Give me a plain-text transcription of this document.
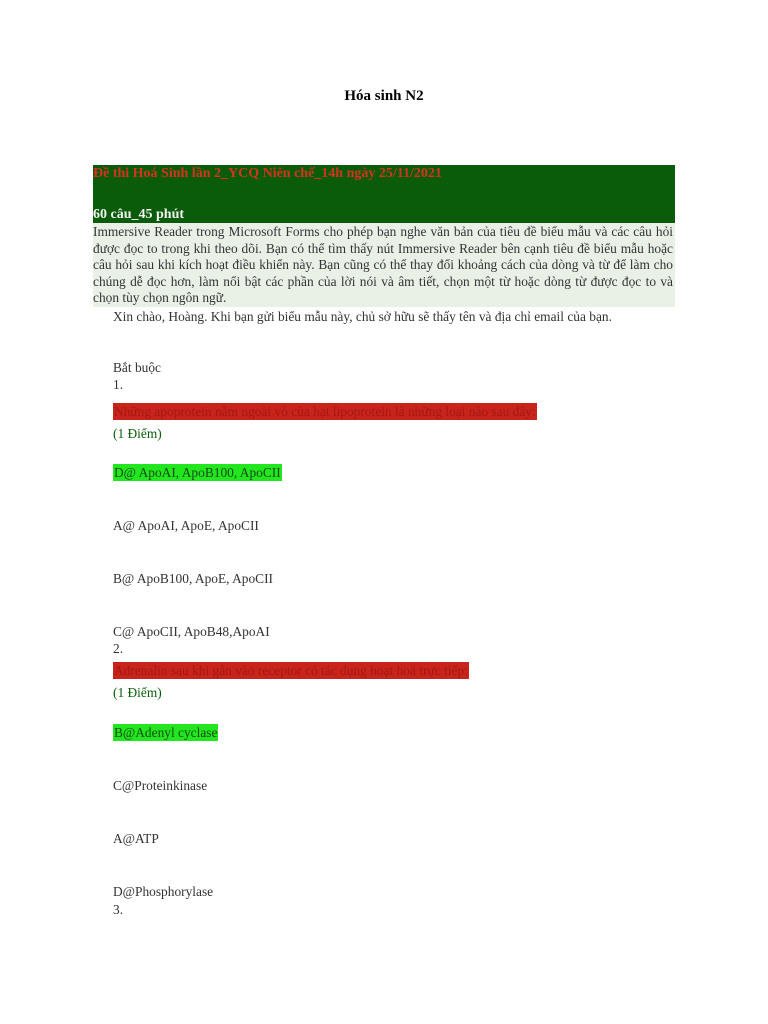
Hóa sinh N2
Đề thi Hoá Sinh lần 2_YCQ Niên chế_14h ngày 25/11/2021
60 câu_45 phút
Immersive Reader trong Microsoft Forms cho phép bạn nghe văn bản của tiêu đề biểu mẫu và các câu hỏi được đọc to trong khi theo dõi. Bạn có thể tìm thấy nút Immersive Reader bên cạnh tiêu đề biểu mẫu hoặc câu hỏi sau khi kích hoạt điều khiển này. Bạn cũng có thể thay đổi khoảng cách của dòng và từ để làm cho chúng dễ đọc hơn, làm nổi bật các phần của lời nói và âm tiết, chọn một từ hoặc dòng từ được đọc to và chọn tùy chọn ngôn ngữ.
Xin chào, Hoàng. Khi bạn gửi biểu mẫu này, chủ sở hữu sẽ thấy tên và địa chỉ email của bạn.
Bắt buộc
1.
Những apoprotein nằm ngoài vỏ của hạt lipoprotein là những loại nào sau đây:
(1 Điểm)
D@ ApoAI, ApoB100, ApoCII
A@ ApoAI, ApoE, ApoCII
B@ ApoB100, ApoE, ApoCII
C@ ApoCII, ApoB48,ApoAI
2.
Adrenalin sau khi gắn vào receptor có tác dụng hoạt hoá trực tiếp:
(1 Điểm)
B@Adenyl cyclase
C@Proteinkinase
A@ATP
D@Phosphorylase
3.
